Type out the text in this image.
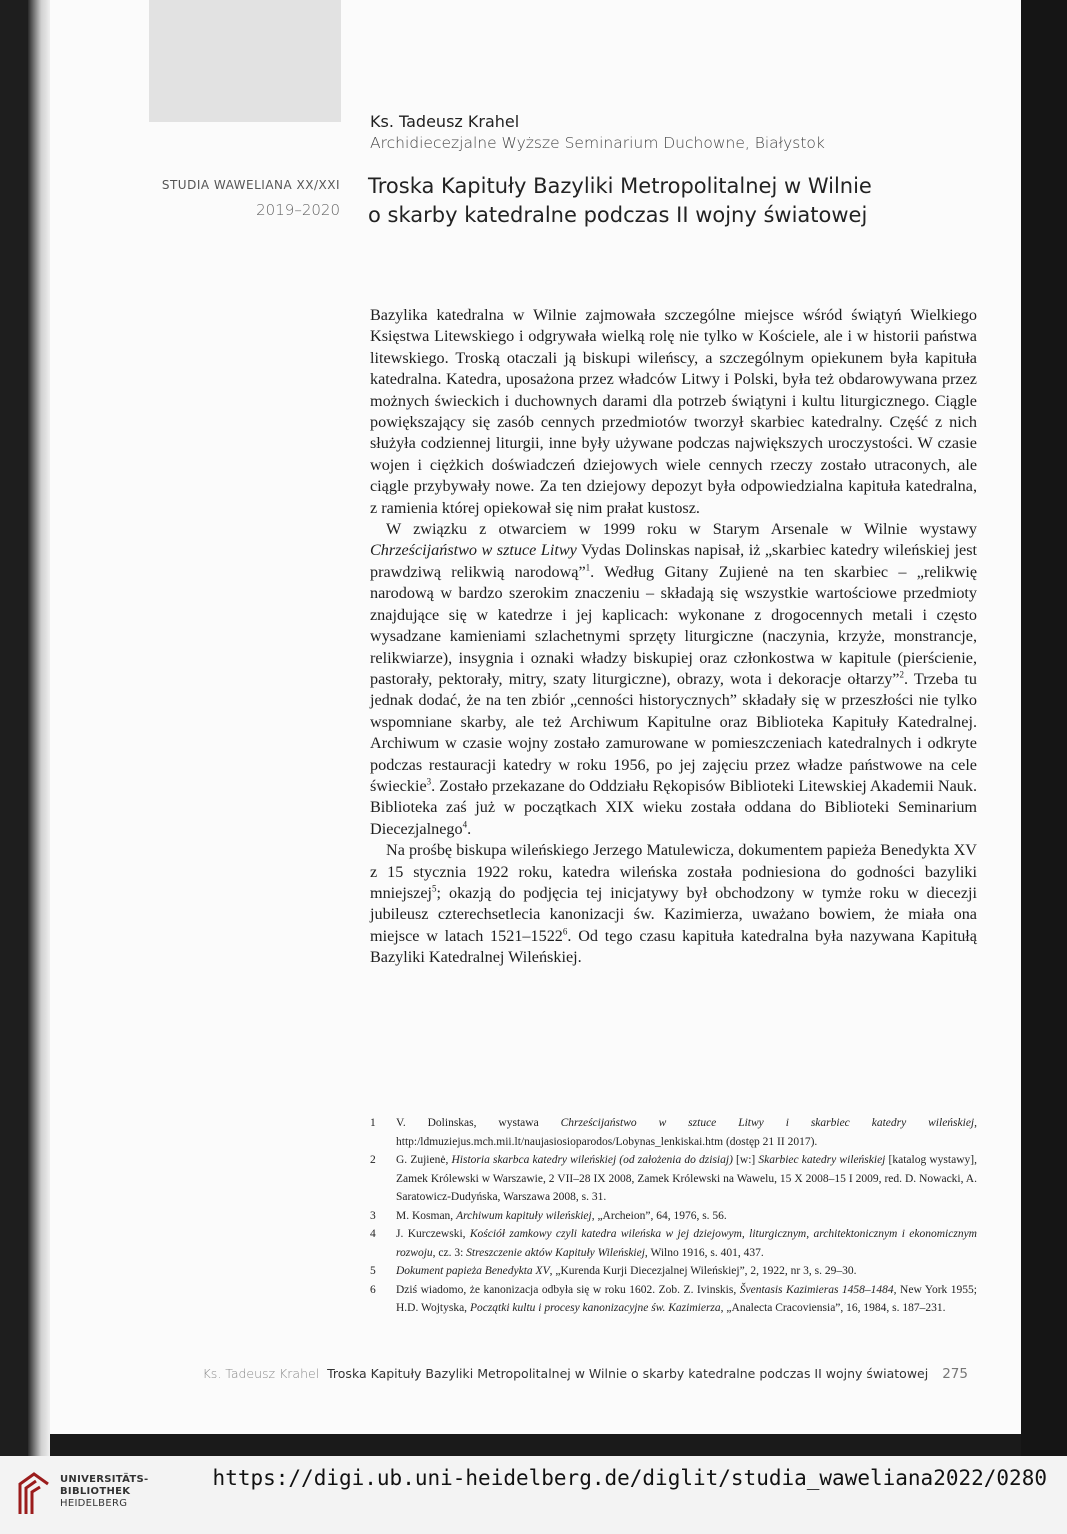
Ks. Tadeusz Krahel
Archidiecezjalne Wyższe Seminarium Duchowne, Białystok
STUDIA WAWELIANA XX/XXI
2019–2020
Troska Kapituły Bazyliki Metropolitalnej w Wilnie
o skarby katedralne podczas II wojny światowej

Bazylika katedralna w Wilnie zajmowała szczególne miejsce wśród świątyń Wielkiego Księstwa Litewskiego i odgrywała wielką rolę nie tylko w Kościele, ale i w historii państwa litewskiego. Troską otaczali ją biskupi wileńscy, a szczególnym opiekunem była kapituła katedralna. Katedra, uposażona przez władców Litwy i Polski, była też obdarowywana przez możnych świeckich i duchownych darami dla potrzeb świątyni i kultu liturgicznego. Ciągle powiększający się zasób cennych przedmiotów tworzył skarbiec katedralny. Część z nich służyła codziennej liturgii, inne były używane podczas największych uroczystości. W czasie wojen i ciężkich doświadczeń dziejowych wiele cennych rzeczy zostało utraconych, ale ciągle przybywały nowe. Za ten dziejowy depozyt była odpowiedzialna kapituła katedralna, z ramienia której opiekował się nim prałat kustosz.

W związku z otwarciem w 1999 roku w Starym Arsenale w Wilnie wystawy Chrześcijaństwo w sztuce Litwy Vydas Dolinskas napisał, iż „skarbiec katedry wileńskiej jest prawdziwą relikwią narodową”$^1$. Według Gitany Zujienė na ten skarbiec – „relikwię narodową w bardzo szerokim znaczeniu – składają się wszystkie wartościowe przedmioty znajdujące się w katedrze i jej kaplicach: wykonane z drogocennych metali i często wysadzane kamieniami szlachetnymi sprzęty liturgiczne (naczynia, krzyże, monstrancje, relikwiarze), insygnia i oznaki władzy biskupiej oraz członkostwa w kapitule (pierścienie, pastorały, pektorały, mitry, szaty liturgiczne), obrazy, wota i dekoracje ołtarzy”$^2$. Trzeba tu jednak dodać, że na ten zbiór „cenności historycznych” składały się w przeszłości nie tylko wspomniane skarby, ale też Archiwum Kapitulne oraz Biblioteka Kapituły Katedralnej. Archiwum w czasie wojny zostało zamurowane w pomieszczeniach katedralnych i odkryte podczas restauracji katedry w roku 1956, po jej zajęciu przez władze państwowe na cele świeckie$^3$. Zostało przekazane do Oddziału Rękopisów Biblioteki Litewskiej Akademii Nauk. Biblioteka zaś już w początkach XIX wieku została oddana do Biblioteki Seminarium Diecezjalnego$^4$.

Na prośbę biskupa wileńskiego Jerzego Matulewicza, dokumentem papieża Benedykta XV z 15 stycznia 1922 roku, katedra wileńska została podniesiona do godności bazyliki mniejszej$^5$; okazją do podjęcia tej inicjatywy był obchodzony w tymże roku w diecezji jubileusz czterechsetlecia kanonizacji św. Kazimierza, uważano bowiem, że miała ona miejsce w latach 1521–1522$^6$. Od tego czasu kapituła katedralna była nazywana Kapitułą Bazyliki Katedralnej Wileńskiej.

1 V. Dolinskas, wystawa Chrześcijaństwo w sztuce Litwy i skarbiec katedry wileńskiej, http:/ldmuziejus.mch.mii.lt/naujasiosioparodos/Lobynas_lenkiskai.htm (dostęp 21 II 2017).
2 G. Zujienė, Historia skarbca katedry wileńskiej (od założenia do dzisiaj) [w:] Skarbiec katedry wileńskiej [katalog wystawy], Zamek Królewski w Warszawie, 2 VII–28 IX 2008, Zamek Królewski na Wawelu, 15 X 2008–15 I 2009, red. D. Nowacki, A. Saratowicz-Dudyńska, Warszawa 2008, s. 31.
3 M. Kosman, Archiwum kapituły wileńskiej, „Archeion”, 64, 1976, s. 56.
4 J. Kurczewski, Kościół zamkowy czyli katedra wileńska w jej dziejowym, liturgicznym, architektonicznym i ekonomicznym rozwoju, cz. 3: Streszczenie aktów Kapituły Wileńskiej, Wilno 1916, s. 401, 437.
5 Dokument papieża Benedykta XV, „Kurenda Kurji Diecezjalnej Wileńskiej”, 2, 1922, nr 3, s. 29–30.
6 Dziś wiadomo, że kanonizacja odbyła się w roku 1602. Zob. Z. Ivinskis, Šventasis Kazimieras 1458–1484, New York 1955; H.D. Wojtyska, Początki kultu i procesy kanonizacyjne św. Kazimierza, „Analecta Cracoviensia”, 16, 1984, s. 187–231.
Ks. Tadeusz Krahel Troska Kapituły Bazyliki Metropolitalnej w Wilnie o skarby katedralne podczas II wojny światowej 275
UNIVERSITÄTS-
BIBLIOTHEK
HEIDELBERG
https://digi.ub.uni-heidelberg.de/diglit/studia_waweliana2022/0280
